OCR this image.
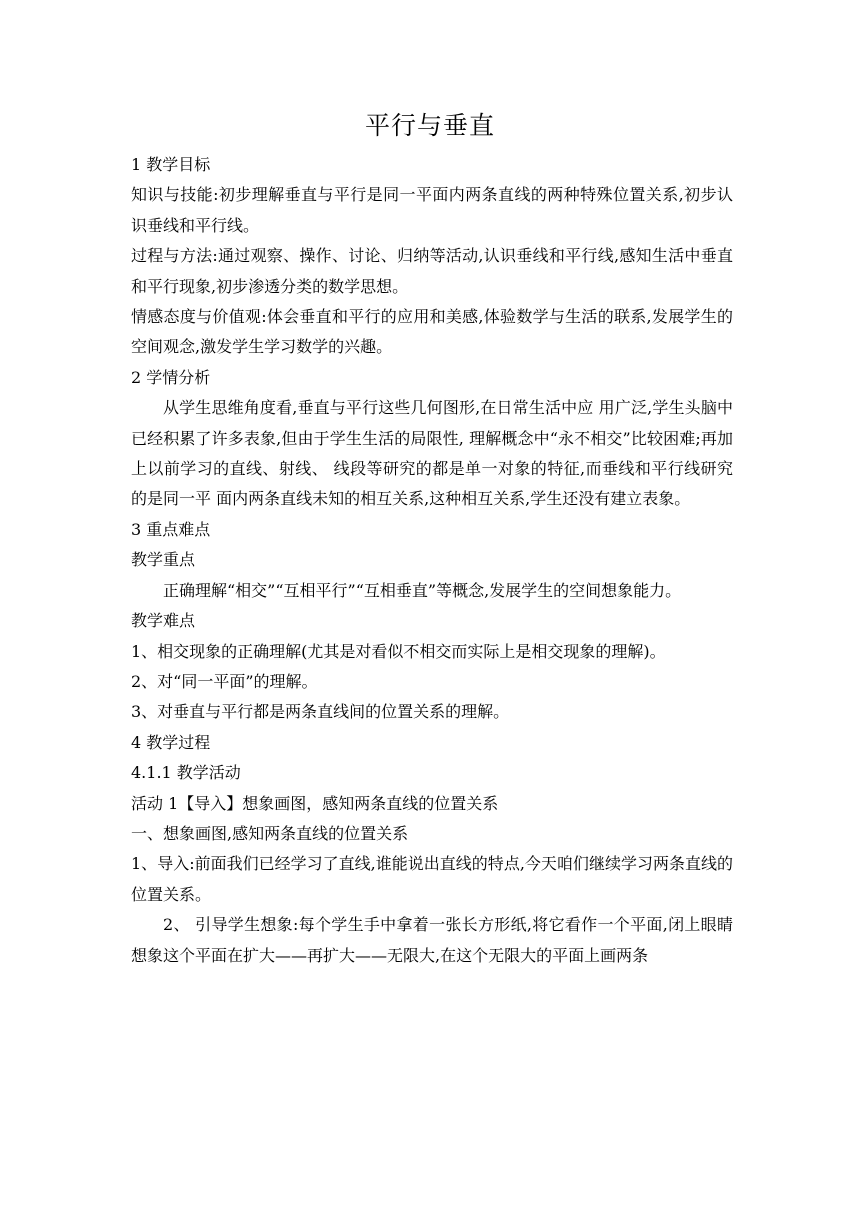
平行与垂直

1 教学目标

知识与技能:初步理解垂直与平行是同一平面内两条直线的两种特殊位置关系,初步认识垂线和平行线。

过程与方法:通过观察、操作、讨论、归纳等活动,认识垂线和平行线,感知生活中垂直和平行现象,初步渗透分类的数学思想。

情感态度与价值观:体会垂直和平行的应用和美感,体验数学与生活的联系,发展学生的空间观念,激发学生学习数学的兴趣。

2 学情分析

从学生思维角度看,垂直与平行这些几何图形,在日常生活中应 用广泛,学生头脑中已经积累了许多表象,但由于学生生活的局限性, 理解概念中“永不相交”比较困难;再加上以前学习的直线、射线、 线段等研究的都是单一对象的特征,而垂线和平行线研究的是同一平 面内两条直线未知的相互关系,这种相互关系,学生还没有建立表象。

3 重点难点

教学重点

正确理解“相交”“互相平行”“互相垂直”等概念,发展学生的空间想象能力。

教学难点

1、相交现象的正确理解(尤其是对看似不相交而实际上是相交现象的理解)。

2、对“同一平面”的理解。

3、对垂直与平行都是两条直线间的位置关系的理解。

4 教学过程

4.1.1 教学活动

活动 1【导入】想象画图，感知两条直线的位置关系

一、想象画图,感知两条直线的位置关系

1、导入:前面我们已经学习了直线,谁能说出直线的特点,今天咱们继续学习两条直线的位置关系。

2、 引导学生想象:每个学生手中拿着一张长方形纸,将它看作一个平面,闭上眼睛想象这个平面在扩大——再扩大——无限大,在这个无限大的平面上画两条
